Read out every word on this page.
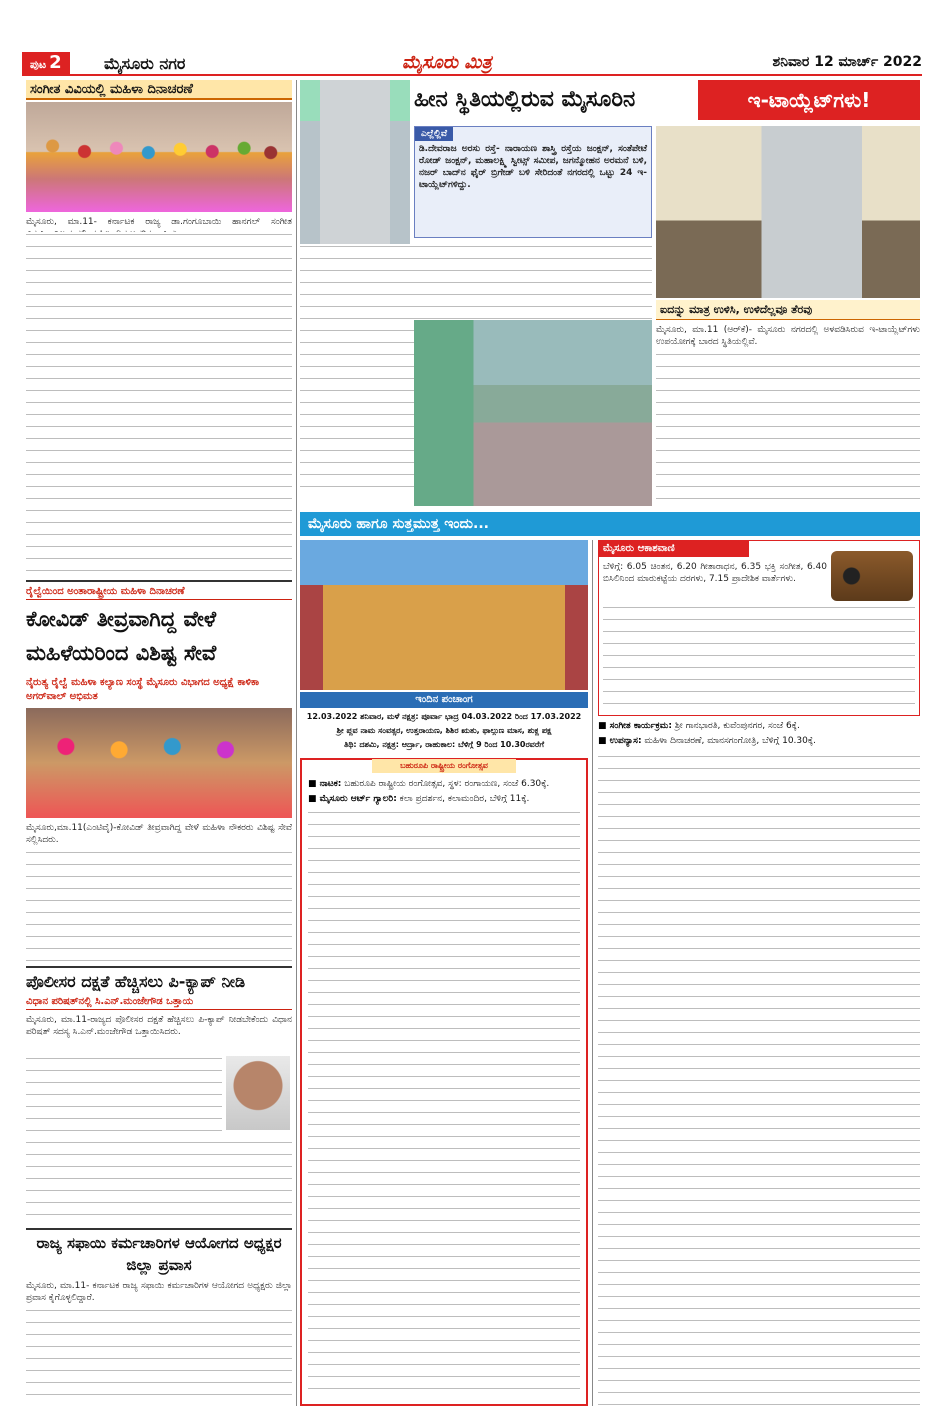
ಪುಟ 2	ಮೈಸೂರು ನಗರ	ಮೈಸೂರು ಮಿತ್ರ	ಶನಿವಾರ 12 ಮಾರ್ಚ್ 2022
ಸಂಗೀತ ವಿವಿಯಲ್ಲಿ ಮಹಿಳಾ ದಿನಾಚರಣೆ
ಮೈಸೂರು, ಮಾ.11- ಕರ್ನಾಟಕ ರಾಜ್ಯ ಡಾ.ಗಂಗೂಬಾಯಿ ಹಾನಗಲ್ ಸಂಗೀತ
ರೈಲ್ವೆಯಿಂದ ಅಂತಾರಾಷ್ಟ್ರೀಯ ಮಹಿಳಾ ದಿನಾಚರಣೆ
ಕೋವಿಡ್ ತೀವ್ರವಾಗಿದ್ದ ವೇಳೆ ಮಹಿಳೆಯರಿಂದ ವಿಶಿಷ್ಟ ಸೇವೆ
ನೈರುತ್ಯ ರೈಲ್ವೆ ಮಹಿಳಾ ಕಲ್ಯಾಣ ಸಂಸ್ಥೆ ಮೈಸೂರು ವಿಭಾಗದ ಅಧ್ಯಕ್ಷೆ ಕಾಳಿಕಾ ಅಗರ್‌ವಾಲ್ ಅಭಿಮತ
ಮೈಸೂರು,ಮಾ.11(ಎಂಟಿವೈ)-ಕೋವಿಡ್ ತೀವ್ರವಾಗಿದ್ದ ವೇಳೆ ಮಹಿಳಾ ನೌಕರರು ವಿಶಿಷ್ಟ ಸೇವೆ ಸಲ್ಲಿಸಿದರು.
ಪೊಲೀಸರ ದಕ್ಷತೆ ಹೆಚ್ಚಿಸಲು ಪಿ-ಕ್ಯಾಪ್ ನೀಡಿ
ವಿಧಾನ ಪರಿಷತ್‌ನಲ್ಲಿ ಸಿ.ಎನ್.ಮಂಜೇಗೌಡ ಒತ್ತಾಯ
ಮೈಸೂರು, ಮಾ.11-ರಾಜ್ಯದ ಪೊಲೀಸರ ದಕ್ಷತೆ ಹೆಚ್ಚಿಸಲು ಪಿ-ಕ್ಯಾಪ್ ನೀಡಬೇಕೆಂದು ವಿಧಾನ ಪರಿಷತ್ ಸದಸ್ಯ ಸಿ.ಎನ್.ಮಂಜೇಗೌಡ ಒತ್ತಾಯಿಸಿದರು.
ರಾಜ್ಯ ಸಫಾಯಿ ಕರ್ಮಚಾರಿಗಳ ಆಯೋಗದ ಅಧ್ಯಕ್ಷರ ಜಿಲ್ಲಾ ಪ್ರವಾಸ
ಮೈಸೂರು, ಮಾ.11- ಕರ್ನಾಟಕ ರಾಜ್ಯ ಸಫಾಯಿ ಕರ್ಮಚಾರಿಗಳ ಆಯೋಗದ ಅಧ್ಯಕ್ಷರು ಜಿಲ್ಲಾ ಪ್ರವಾಸ ಕೈಗೊಳ್ಳಲಿದ್ದಾರೆ.
ಹೀನ ಸ್ಥಿತಿಯಲ್ಲಿರುವ ಮೈಸೂರಿನ	ಇ-ಟಾಯ್ಲೆಟ್‌ಗಳು!
ಎಲ್ಲೆಲ್ಲಿವೆ
ಡಿ.ದೇವರಾಜ ಅರಸು ರಸ್ತೆ- ನಾರಾಯಣ ಶಾಸ್ತ್ರಿ ರಸ್ತೆಯ ಜಂಕ್ಷನ್, ಸಂತೆಪೇಟೆ ರೋಡ್ ಜಂಕ್ಷನ್, ಮಹಾಲಕ್ಷ್ಮಿ ಸ್ವೀಟ್ಸ್ ಸಮೀಪ, ಜಗನ್ಮೋಹನ ಅರಮನೆ ಬಳಿ, ನಜರ್ ಬಾದ್‌ನ ಫೈರ್ ಬ್ರಿಗೇಡ್ ಬಳಿ ಸೇರಿದಂತೆ ನಗರದಲ್ಲಿ ಒಟ್ಟು 24 ಇ-ಟಾಯ್ಲೆಟ್‌ಗಳಿದ್ದು.
ಐದನ್ನು ಮಾತ್ರ ಉಳಿಸಿ, ಉಳಿದೆಲ್ಲವೂ ತೆರವು
ಮೈಸೂರು, ಮಾ.11 (ಆರ್‌ಕೆ)- ಮೈಸೂರು ನಗರದಲ್ಲಿ ಅಳವಡಿಸಿರುವ ಇ-ಟಾಯ್ಲೆಟ್‌ಗಳು ಉಪಯೋಗಕ್ಕೆ ಬಾರದ ಸ್ಥಿತಿಯಲ್ಲಿವೆ.
ಮೈಸೂರು ಹಾಗೂ ಸುತ್ತಮುತ್ತ ಇಂದು...
ಇಂದಿನ ಪಂಚಾಂಗ
12.03.2022 ಶನಿವಾರ, ಮಳೆ ನಕ್ಷತ್ರ: ಪೂರ್ವಾ ಭಾದ್ರ 04.03.2022 ರಿಂದ 17.03.2022
ಶ್ರೀ ಪ್ಲವ ನಾಮ ಸಂವತ್ಸರ, ಉತ್ತರಾಯಣ, ಶಿಶಿರ ಋತು, ಫಾಲ್ಗುಣ ಮಾಸ, ಶುಕ್ಲ ಪಕ್ಷ
ತಿಥಿ: ದಶಮಿ, ನಕ್ಷತ್ರ: ಆರ್ದ್ರಾ, ರಾಹುಕಾಲ: ಬೆಳಿಗ್ಗೆ 9 ರಿಂದ 10.30ರವರೆಗೆ
ಮೈಸೂರು ಆಕಾಶವಾಣಿ
ಬೆಳಿಗ್ಗೆ: 6.05 ಚಿಂತನ, 6.20 ಗೀತಾರಾಧನ, 6.35 ಭಕ್ತಿ ಸಂಗೀತ, 6.40 ಬಿಸಿಲಿನಿಂದ ಮಾರುಕಟ್ಟೆಯ ದರಗಳು, 7.15 ಪ್ರಾದೇಶಿಕ ವಾರ್ತೆಗಳು.
ಬಹುರೂಪಿ ರಾಷ್ಟ್ರೀಯ ರಂಗೋತ್ಸವ
■ ನಾಟಕ: ಬಹುರೂಪಿ ರಾಷ್ಟ್ರೀಯ ರಂಗೋತ್ಸವ, ಸ್ಥಳ: ರಂಗಾಯಣ, ಸಂಜೆ 6.30ಕ್ಕೆ.
■ ಮೈಸೂರು ಆರ್ಟ್ ಗ್ಯಾಲರಿ: ಕಲಾ ಪ್ರದರ್ಶನ, ಕಲಾಮಂದಿರ, ಬೆಳಿಗ್ಗೆ 11ಕ್ಕೆ.
■ ಸಂಗೀತ ಕಾರ್ಯಕ್ರಮ: ಶ್ರೀ ಗಾನಭಾರತಿ, ಕುವೆಂಪುನಗರ, ಸಂಜೆ 6ಕ್ಕೆ.
■ ಉಪನ್ಯಾಸ: ಮಹಿಳಾ ದಿನಾಚರಣೆ, ಮಾನಸಗಂಗೋತ್ರಿ, ಬೆಳಿಗ್ಗೆ 10.30ಕ್ಕೆ.
